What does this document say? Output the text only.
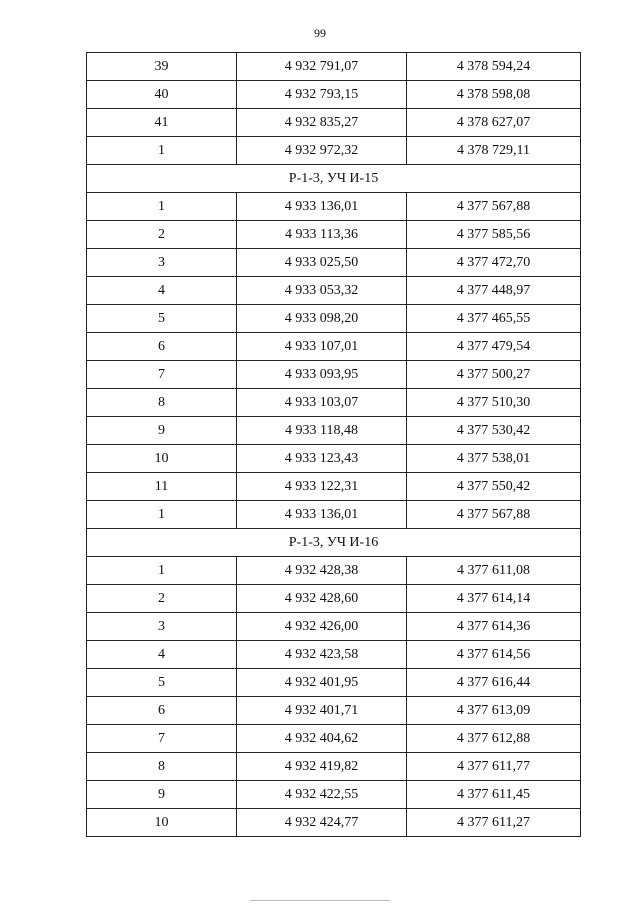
99
39	4 932 791,07	4 378 594,24
40	4 932 793,15	4 378 598,08
41	4 932 835,27	4 378 627,07
1	4 932 972,32	4 378 729,11
Р-1-3, УЧ И-15		
1	4 933 136,01	4 377 567,88
2	4 933 113,36	4 377 585,56
3	4 933 025,50	4 377 472,70
4	4 933 053,32	4 377 448,97
5	4 933 098,20	4 377 465,55
6	4 933 107,01	4 377 479,54
7	4 933 093,95	4 377 500,27
8	4 933 103,07	4 377 510,30
9	4 933 118,48	4 377 530,42
10	4 933 123,43	4 377 538,01
11	4 933 122,31	4 377 550,42
1	4 933 136,01	4 377 567,88
Р-1-3, УЧ И-16		
1	4 932 428,38	4 377 611,08
2	4 932 428,60	4 377 614,14
3	4 932 426,00	4 377 614,36
4	4 932 423,58	4 377 614,56
5	4 932 401,95	4 377 616,44
6	4 932 401,71	4 377 613,09
7	4 932 404,62	4 377 612,88
8	4 932 419,82	4 377 611,77
9	4 932 422,55	4 377 611,45
10	4 932 424,77	4 377 611,27
